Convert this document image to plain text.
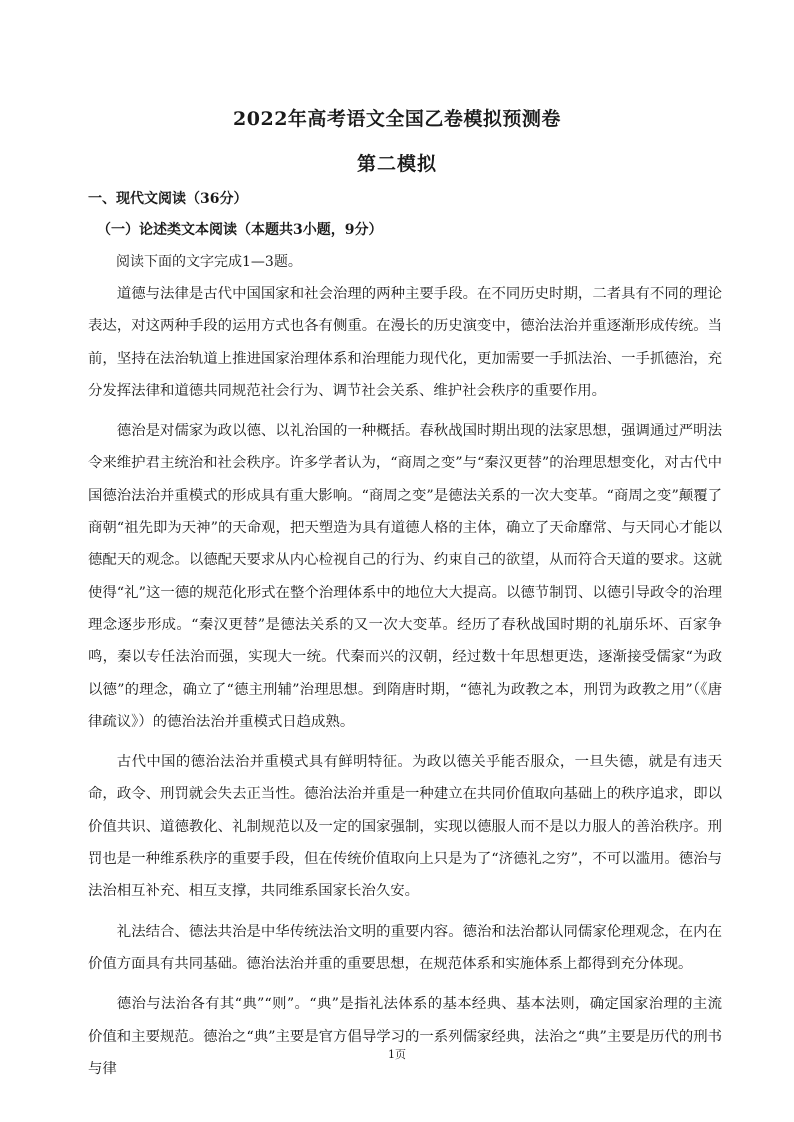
2022年高考语文全国乙卷模拟预测卷
第二模拟
一、现代文阅读（36分）
（一）论述类文本阅读（本题共3小题，9分）
阅读下面的文字完成1—3题。

道德与法律是古代中国国家和社会治理的两种主要手段。在不同历史时期，二者具有不同的理论表达，对这两种手段的运用方式也各有侧重。在漫长的历史演变中，德治法治并重逐渐形成传统。当前，坚持在法治轨道上推进国家治理体系和治理能力现代化，更加需要一手抓法治、一手抓德治，充分发挥法律和道德共同规范社会行为、调节社会关系、维护社会秩序的重要作用。

德治是对儒家为政以德、以礼治国的一种概括。春秋战国时期出现的法家思想，强调通过严明法令来维护君主统治和社会秩序。许多学者认为，“商周之变”与“秦汉更替”的治理思想变化，对古代中国德治法治并重模式的形成具有重大影响。“商周之变”是德法关系的一次大变革。“商周之变”颠覆了商朝“祖先即为天神”的天命观，把天塑造为具有道德人格的主体，确立了天命靡常、与天同心才能以德配天的观念。以德配天要求从内心检视自己的行为、约束自己的欲望，从而符合天道的要求。这就使得“礼”这一德的规范化形式在整个治理体系中的地位大大提高。以德节制罚、以德引导政令的治理理念逐步形成。“秦汉更替”是德法关系的又一次大变革。经历了春秋战国时期的礼崩乐坏、百家争鸣，秦以专任法治而强，实现大一统。代秦而兴的汉朝，经过数十年思想更迭，逐渐接受儒家“为政以德”的理念，确立了“德主刑辅”治理思想。到隋唐时期，“德礼为政教之本，刑罚为政教之用”（《唐律疏议》）的德治法治并重模式日趋成熟。

古代中国的德治法治并重模式具有鲜明特征。为政以德关乎能否服众，一旦失德，就是有违天命，政令、刑罚就会失去正当性。德治法治并重是一种建立在共同价值取向基础上的秩序追求，即以价值共识、道德教化、礼制规范以及一定的国家强制，实现以德服人而不是以力服人的善治秩序。刑罚也是一种维系秩序的重要手段，但在传统价值取向上只是为了“济德礼之穷”，不可以滥用。德治与法治相互补充、相互支撑，共同维系国家长治久安。

礼法结合、德法共治是中华传统法治文明的重要内容。德治和法治都认同儒家伦理观念，在内在价值方面具有共同基础。德治法治并重的重要思想，在规范体系和实施体系上都得到充分体现。

德治与法治各有其“典”“则”。“典”是指礼法体系的基本经典、基本法则，确定国家治理的主流价值和主要规范。德治之“典”主要是官方倡导学习的一系列儒家经典，法治之“典”主要是历代的刑书与律

1页
